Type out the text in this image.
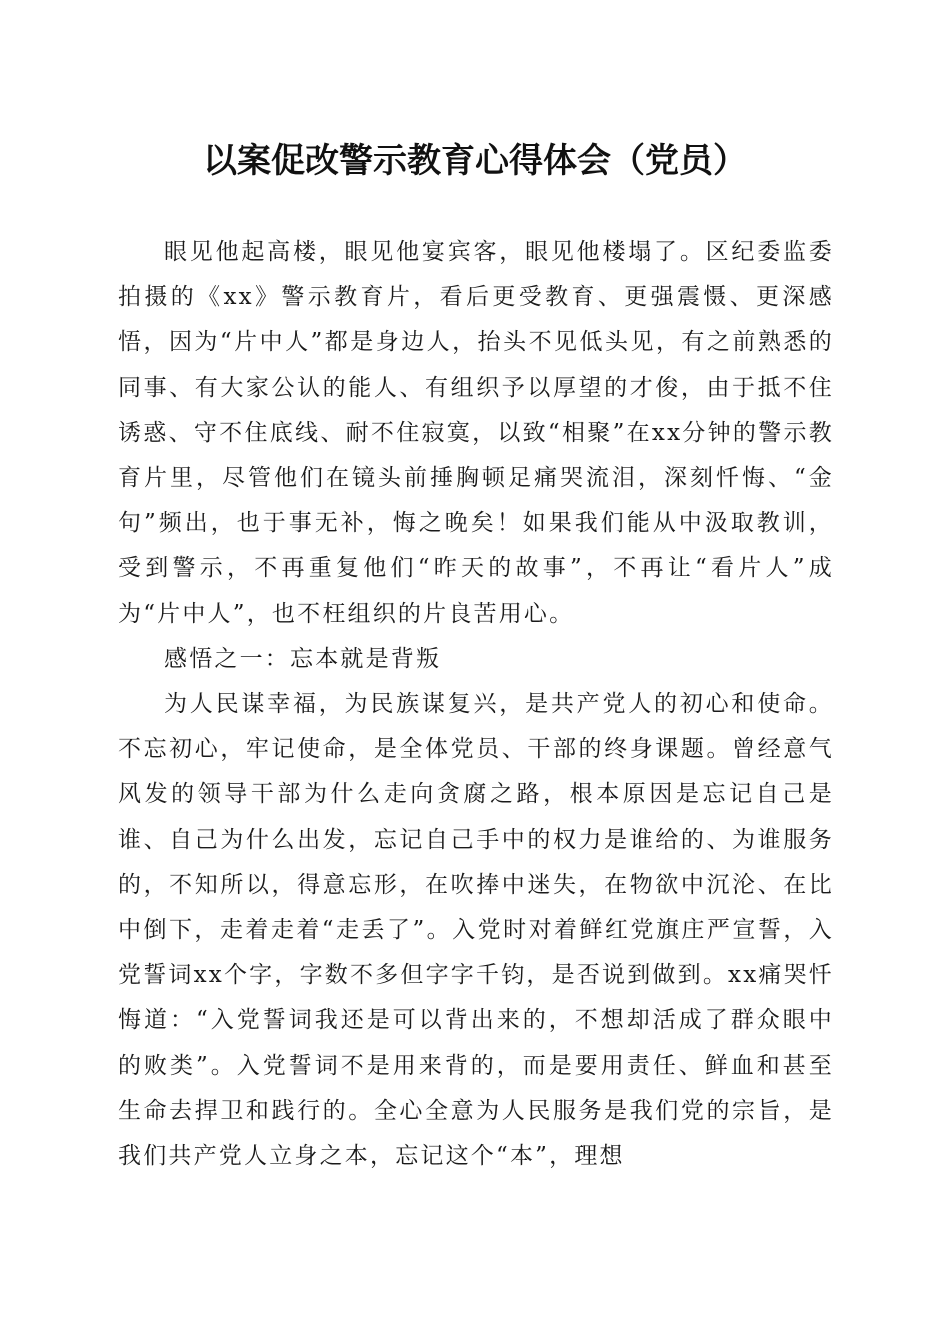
以案促改警示教育心得体会（党员）

眼见他起高楼，眼见他宴宾客，眼见他楼塌了。区纪委监委拍摄的《xx》警示教育片，看后更受教育、更强震慑、更深感悟，因为“片中人”都是身边人，抬头不见低头见，有之前熟悉的同事、有大家公认的能人、有组织予以厚望的才俊，由于抵不住诱惑、守不住底线、耐不住寂寞，以致“相聚”在xx分钟的警示教育片里，尽管他们在镜头前捶胸顿足痛哭流泪，深刻忏悔、“金句”频出，也于事无补，悔之晚矣！如果我们能从中汲取教训，受到警示，不再重复他们“昨天的故事”，不再让“看片人”成为“片中人”，也不枉组织的片良苦用心。

感悟之一：忘本就是背叛

为人民谋幸福，为民族谋复兴，是共产党人的初心和使命。不忘初心，牢记使命，是全体党员、干部的终身课题。曾经意气风发的领导干部为什么走向贪腐之路，根本原因是忘记自己是谁、自己为什么出发，忘记自己手中的权力是谁给的、为谁服务的，不知所以，得意忘形，在吹捧中迷失，在物欲中沉沦、在比中倒下，走着走着“走丢了”。入党时对着鲜红党旗庄严宣誓，入党誓词xx个字，字数不多但字字千钧，是否说到做到。xx痛哭忏悔道：“入党誓词我还是可以背出来的，不想却活成了群众眼中的败类”。入党誓词不是用来背的，而是要用责任、鲜血和甚至生命去捍卫和践行的。全心全意为人民服务是我们党的宗旨，是我们共产党人立身之本，忘记这个“本”，理想
